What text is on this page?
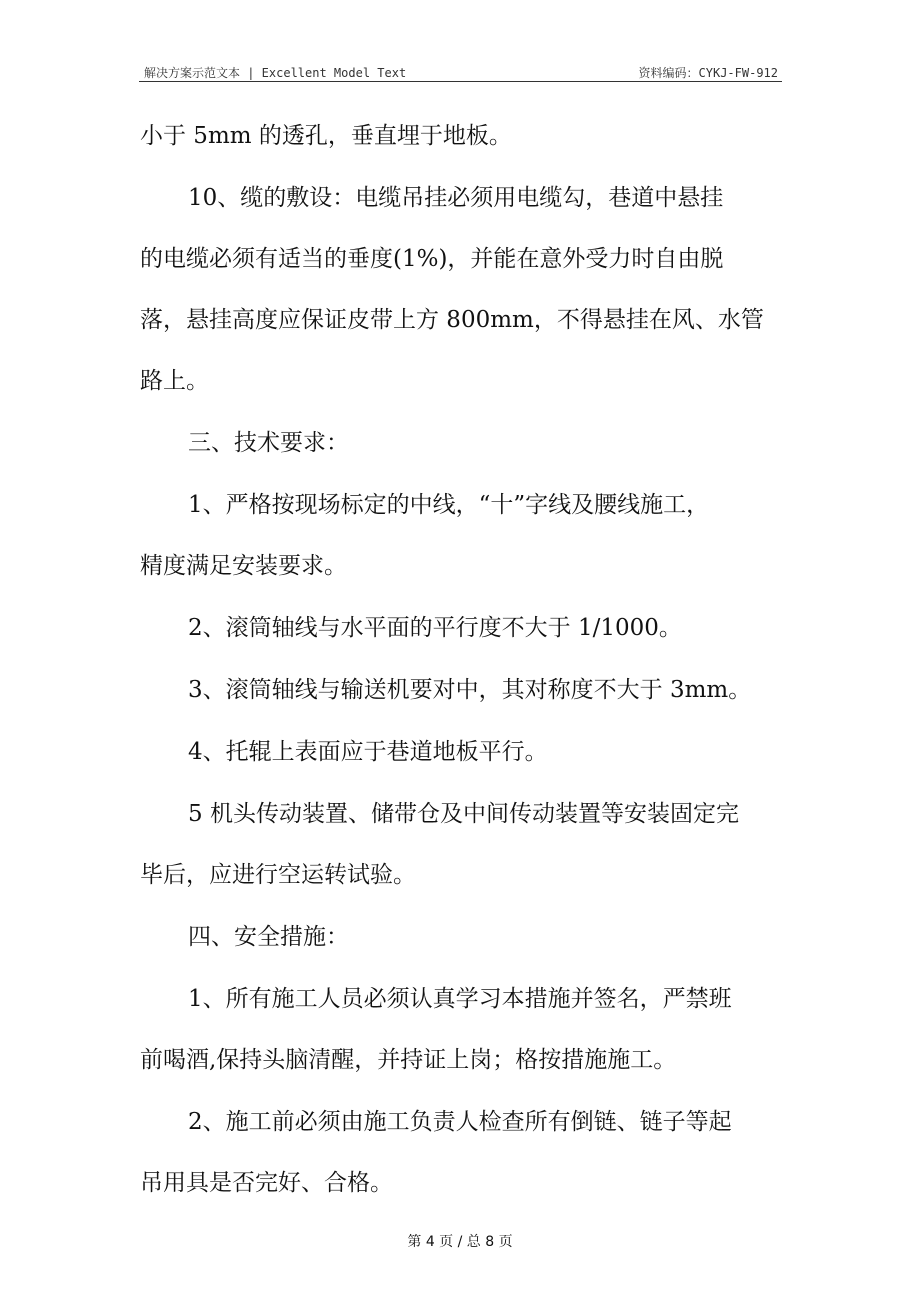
解决方案示范文本 | Excellent Model Text	资料编码：CYKJ-FW-912
小于 5mm 的透孔，垂直埋于地板。
10、缆的敷设：电缆吊挂必须用电缆勾，巷道中悬挂
的电缆必须有适当的垂度(1%)，并能在意外受力时自由脱
落，悬挂高度应保证皮带上方 800mm，不得悬挂在风、水管
路上。
三、技术要求：
1、严格按现场标定的中线，“十”字线及腰线施工，
精度满足安装要求。
2、滚筒轴线与水平面的平行度不大于 1/1000。
3、滚筒轴线与输送机要对中，其对称度不大于 3mm。
4、托辊上表面应于巷道地板平行。
5 机头传动装置、储带仓及中间传动装置等安装固定完
毕后，应进行空运转试验。
四、安全措施：
1、所有施工人员必须认真学习本措施并签名，严禁班
前喝酒,保持头脑清醒，并持证上岗；格按措施施工。
2、施工前必须由施工负责人检查所有倒链、链子等起
吊用具是否完好、合格。
第 4 页 / 总 8 页
